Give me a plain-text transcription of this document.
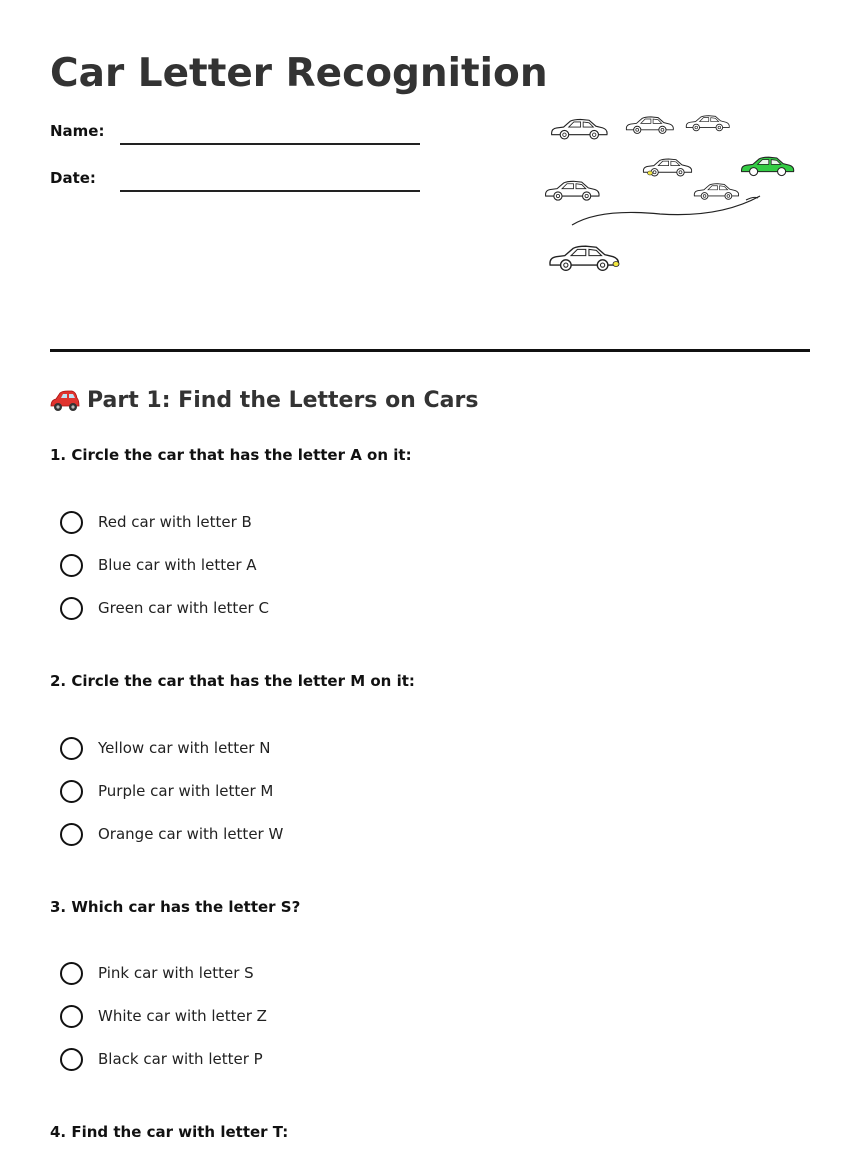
Car Letter Recognition
Name:
Date:
Part 1: Find the Letters on Cars

1. Circle the car that has the letter A on it:

Red car with letter B
Blue car with letter A
Green car with letter C

2. Circle the car that has the letter M on it:

Yellow car with letter N
Purple car with letter M
Orange car with letter W

3. Which car has the letter S?

Pink car with letter S
White car with letter Z
Black car with letter P

4. Find the car with letter T:
